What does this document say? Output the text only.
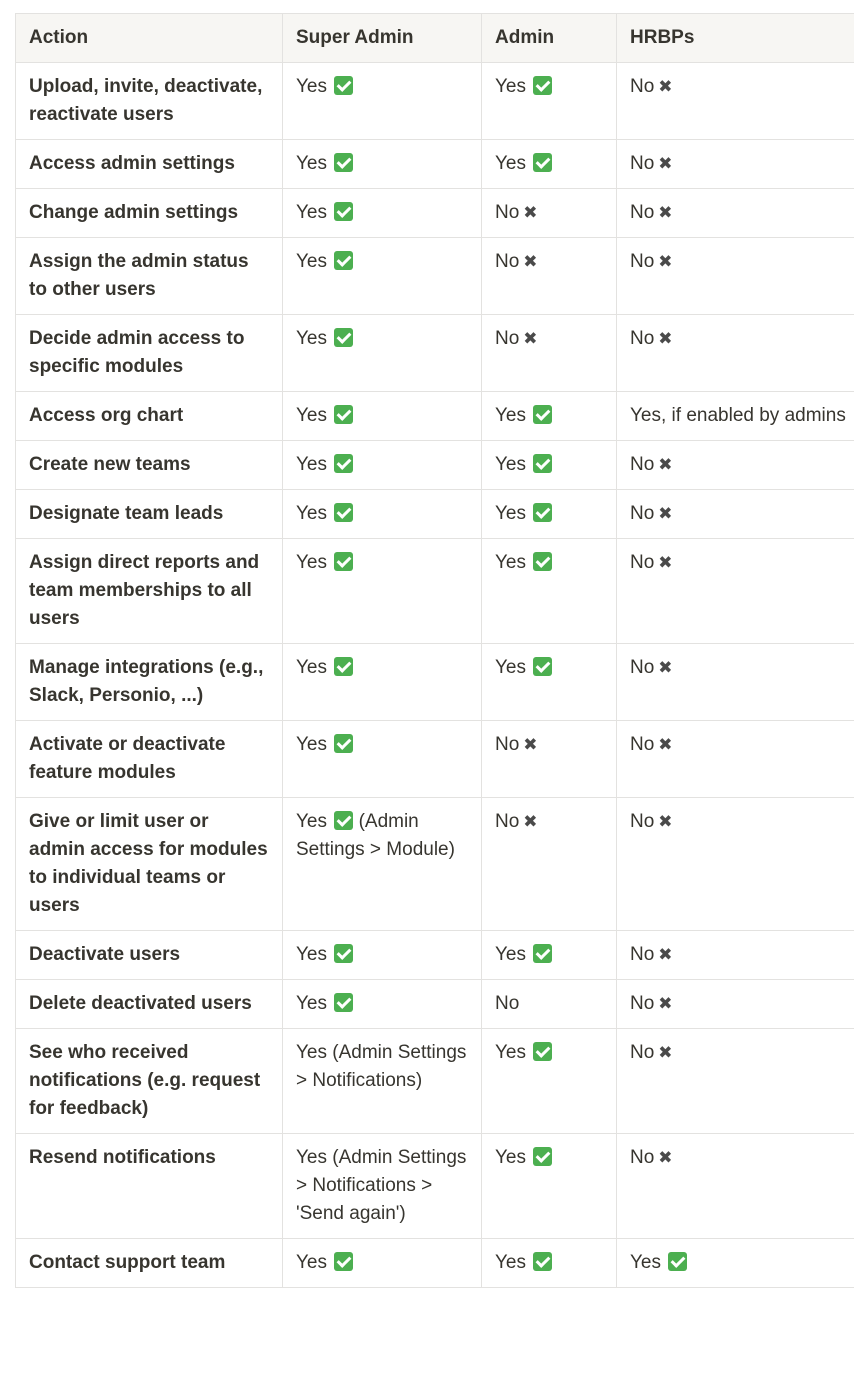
Action	Super Admin	Admin	HRBPs
Upload, invite, deactivate, reactivate users	Yes	Yes	No ✖
Access admin settings	Yes	Yes	No ✖
Change admin settings	Yes	No ✖	No ✖
Assign the admin status to other users	Yes	No ✖	No ✖
Decide admin access to specific modules	Yes	No ✖	No ✖
Access org chart	Yes	Yes	Yes, if enabled by admins
Create new teams	Yes	Yes	No ✖
Designate team leads	Yes	Yes	No ✖
Assign direct reports and team memberships to all users	Yes	Yes	No ✖
Manage integrations (e.g., Slack, Personio, ...)	Yes	Yes	No ✖
Activate or deactivate feature modules	Yes	No ✖	No ✖
Give or limit user or admin access for modules to individual teams or users	Yes (Admin Settings > Module)	No ✖	No ✖
Deactivate users	Yes	Yes	No ✖
Delete deactivated users	Yes	No	No ✖
See who received notifications (e.g. request for feedback)	Yes (Admin Settings > Notifications)	Yes	No ✖
Resend notifications	Yes (Admin Settings > Notifications > 'Send again')	Yes	No ✖
Contact support team	Yes	Yes	Yes
